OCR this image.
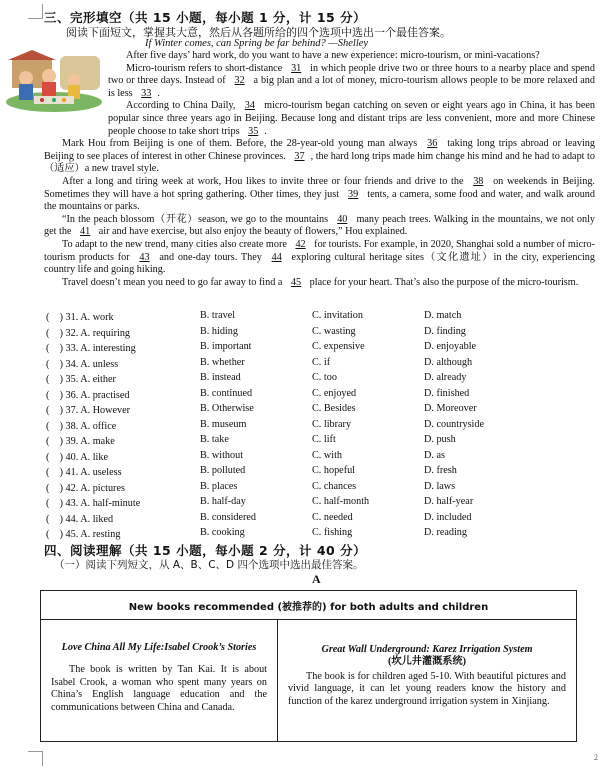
三、完形填空（共 15 小题，每小题 1 分，计 15 分）
阅读下面短文，掌握其大意，然后从各题所给的四个选项中选出一个最佳答案。
If Winter comes, can Spring be far behind? —Shelley

After five days’ hard work, do you want to have a new experience: micro-tourism, or mini-vacations?

Micro-tourism refers to short-distance 31 in which people drive two or three hours to a nearby place and spend two or three days. Instead of 32 a big plan and a lot of money, micro-tourism allows people to be more relaxed and is less 33 .

According to China Daily, 34 micro-tourism began catching on seven or eight years ago in China, it has been popular since three years ago in Beijing. Because long and distant trips are less convenient, more and more Chinese people choose to take short trips 35 .

Mark Hou from Beijing is one of them. Before, the 28-year-old young man always 36 taking long trips abroad or leaving Beijing to see places of interest in other Chinese provinces. 37 , the hard long trips made him change his mind and he had to adapt to（适应）a new travel style.

After a long and tiring week at work, Hou likes to invite three or four friends and drive to the 38 on weekends in Beijing. Sometimes they will have a hot spring gathering. Other times, they just 39 tents, a camera, some food and water, and walk around the mountains or parks.

“In the peach blossom（开花）season, we go to the mountains 40 many peach trees. Walking in the mountains, we not only get the 41 air and have exercise, but also enjoy the beauty of flowers,” Hou explained.

To adapt to the new trend, many cities also create more 42 for tourists. For example, in 2020, Shanghai sold a number of micro-tourism products for 43 and one-day tours. They 44 exploring cultural heritage sites（文化遗址）in the city, experiencing country life and going hiking.

Travel doesn’t mean you need to go far away to find a 45 place for your heart. That’s also the purpose of the micro-tourism.

(　) 31. A. work	B. travel	C. invitation	D. match
(　) 32. A. requiring	B. hiding	C. wasting	D. finding
(　) 33. A. interesting	B. important	C. expensive	D. enjoyable
(　) 34. A. unless	B. whether	C. if	D. although
(　) 35. A. either	B. instead	C. too	D. already
(　) 36. A. practised	B. continued	C. enjoyed	D. finished
(　) 37. A. However	B. Otherwise	C. Besides	D. Moreover
(　) 38. A. office	B. museum	C. library	D. countryside
(　) 39. A. make	B. take	C. lift	D. push
(　) 40. A. like	B. without	C. with	D. as
(　) 41. A. useless	B. polluted	C. hopeful	D. fresh
(　) 42. A. pictures	B. places	C. chances	D. laws
(　) 43. A. half-minute	B. half-day	C. half-month	D. half-year
(　) 44. A. liked	B. considered	C. needed	D. included
(　) 45. A. resting	B. cooking	C. fishing	D. reading
四、阅读理解（共 15 小题，每小题 2 分，计 40 分）
（一）阅读下列短文，从 A、B、C、D 四个选项中选出最佳答案。
A
New books recommended (被推荐的) for both adults and children
Love China All My Life:Isabel Crook’s Stories
The book is written by Tan Kai. It is about Isabel Crook, a woman who spent many years on China’s English language education and the communications between China and Canada.
Great Wall Underground: Karez Irrigation System
(坎儿井灌溉系统)
The book is for children aged 5-10. With beautiful pictures and vivid language, it can let young readers know the history and function of the karez underground irrigation system in Xinjiang.
2
